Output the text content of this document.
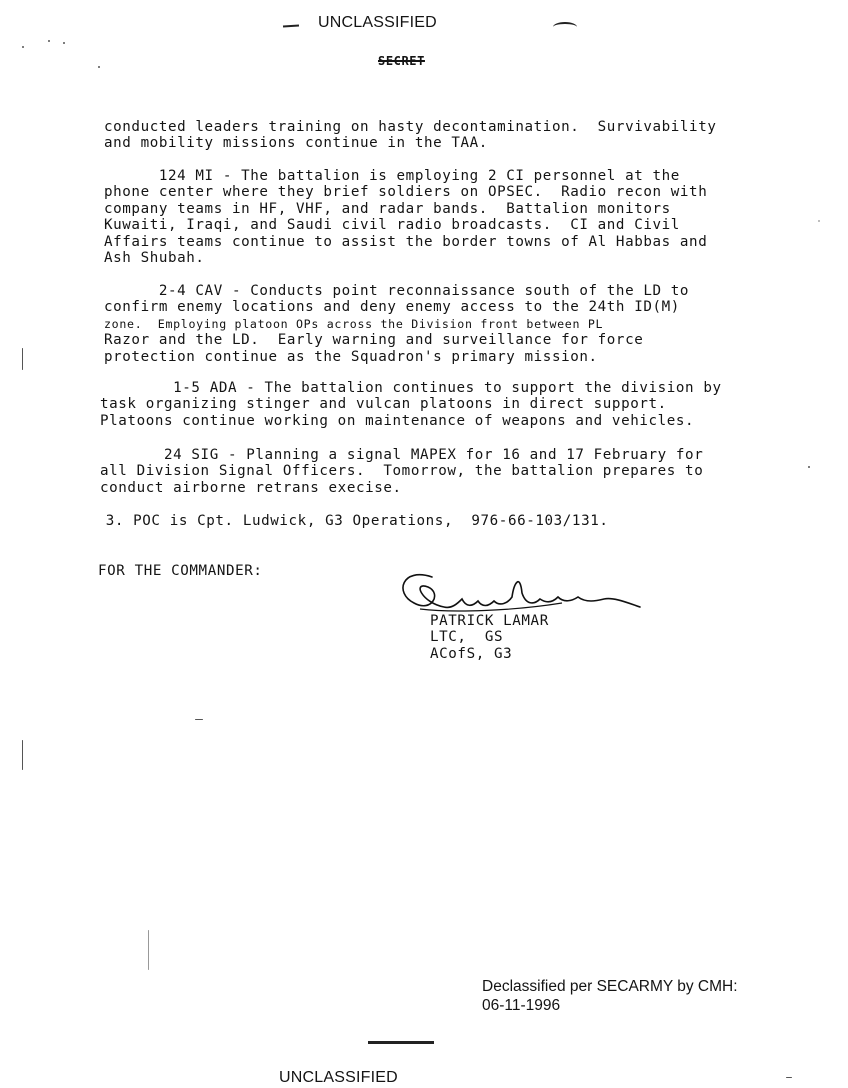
UNCLASSIFIED
SECRET
conducted leaders training on hasty decontamination.  Survivability
and mobility missions continue in the TAA.
124 MI - The battalion is employing 2 CI personnel at the
phone center where they brief soldiers on OPSEC.  Radio recon with
company teams in HF, VHF, and radar bands.  Battalion monitors
Kuwaiti, Iraqi, and Saudi civil radio broadcasts.  CI and Civil
Affairs teams continue to assist the border towns of Al Habbas and
Ash Shubah.
2-4 CAV - Conducts point reconnaissance south of the LD to
confirm enemy locations and deny enemy access to the 24th ID(M)
zone.  Employing platoon OPs across the Division front between PL
Razor and the LD.  Early warning and surveillance for force
protection continue as the Squadron's primary mission.
1-5 ADA - The battalion continues to support the division by
task organizing stinger and vulcan platoons in direct support.
Platoons continue working on maintenance of weapons and vehicles.
24 SIG - Planning a signal MAPEX for 16 and 17 February for
all Division Signal Officers.  Tomorrow, the battalion prepares to
conduct airborne retrans execise.
3. POC is Cpt. Ludwick, G3 Operations,  976-66-103/131.
FOR THE COMMANDER:
PATRICK LAMAR
LTC,  GS
ACofS, G3
Declassified per SECARMY by CMH:
06-11-1996
UNCLASSIFIED
